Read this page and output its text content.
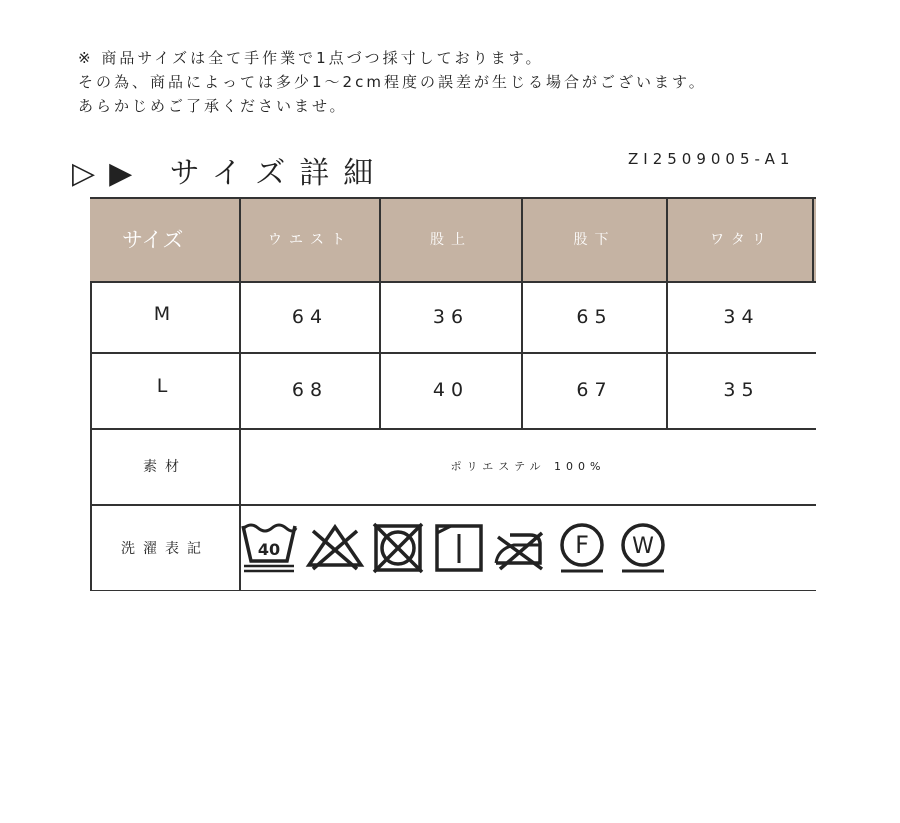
※ 商品サイズは全て手作業で1点づつ採寸しております。
その為、商品によっては多少1〜2cm程度の誤差が生じる場合がございます。
あらかじめご了承くださいませ。
▷▶ サイズ詳細	ZI2509005-A1
サイズ	ウエスト	股上	股下	ワタリ
M	64	36	65	34
L	68	40	67	35
素材	ポリエステル 100%
洗濯表記	40	F W
